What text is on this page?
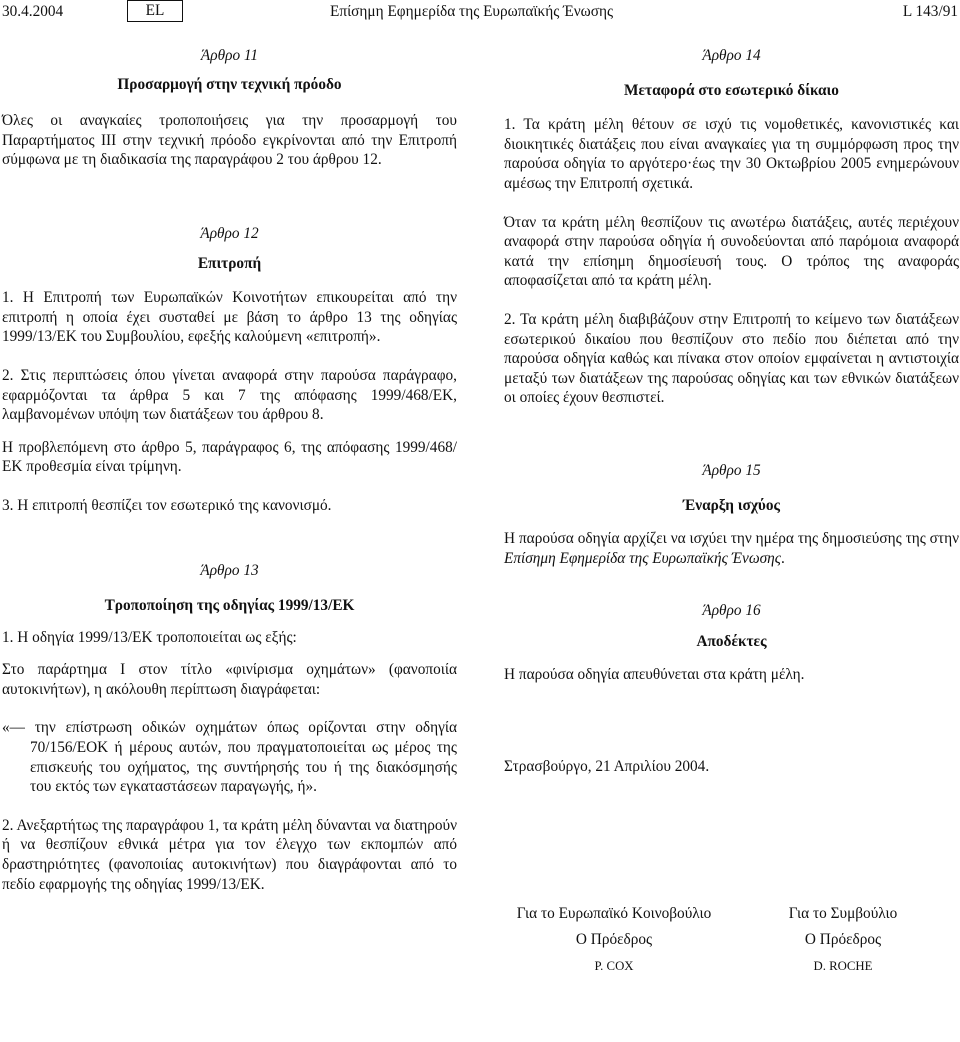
30.4.2004	EL	Επίσημη Εφημερίδα της Ευρωπαϊκής Ένωσης	L 143/91

Άρθρο 11

Προσαρμογή στην τεχνική πρόοδο

Όλες οι αναγκαίες τροποποιήσεις για την προσαρμογή του Παραρτήματος ΙΙΙ στην τεχνική πρόοδο εγκρίνονται από την Επιτροπή σύμφωνα με τη διαδικασία της παραγράφου 2 του άρθρου 12.

Άρθρο 12

Επιτροπή

1. Η Επιτροπή των Ευρωπαϊκών Κοινοτήτων επικουρείται από την επιτροπή η οποία έχει συσταθεί με βάση το άρθρο 13 της οδηγίας 1999/13/ΕΚ του Συμβουλίου, εφεξής καλούμενη «επιτροπή».

2. Στις περιπτώσεις όπου γίνεται αναφορά στην παρούσα παράγραφο, εφαρμόζονται τα άρθρα 5 και 7 της απόφασης 1999/468/ΕΚ, λαμβανομένων υπόψη των διατάξεων του άρθρου 8.

Η προβλεπόμενη στο άρθρο 5, παράγραφος 6, της απόφασης 1999/468/ΕΚ προθεσμία είναι τρίμηνη.

3. Η επιτροπή θεσπίζει τον εσωτερικό της κανονισμό.

Άρθρο 13

Τροποποίηση της οδηγίας 1999/13/ΕΚ

1. Η οδηγία 1999/13/ΕΚ τροποποιείται ως εξής:

Στο παράρτημα Ι στον τίτλο «φινίρισμα οχημάτων» (φανοποιία αυτοκινήτων), η ακόλουθη περίπτωση διαγράφεται:

«— την επίστρωση οδικών οχημάτων όπως ορίζονται στην οδηγία 70/156/ΕΟΚ ή μέρους αυτών, που πραγματοποιείται ως μέρος της επισκευής του οχήματος, της συντήρησής του ή της διακόσμησής του εκτός των εγκαταστάσεων παραγωγής, ή».

2. Ανεξαρτήτως της παραγράφου 1, τα κράτη μέλη δύνανται να διατηρούν ή να θεσπίζουν εθνικά μέτρα για τον έλεγχο των εκπομπών από δραστηριότητες (φανοποιίας αυτοκινήτων) που διαγράφονται από το πεδίο εφαρμογής της οδηγίας 1999/13/ΕΚ.

Άρθρο 14

Μεταφορά στο εσωτερικό δίκαιο

1. Τα κράτη μέλη θέτουν σε ισχύ τις νομοθετικές, κανονιστικές και διοικητικές διατάξεις που είναι αναγκαίες για τη συμμόρφωση προς την παρούσα οδηγία το αργότερο·έως την 30 Οκτωβρίου 2005 ενημερώνουν αμέσως την Επιτροπή σχετικά.

Όταν τα κράτη μέλη θεσπίζουν τις ανωτέρω διατάξεις, αυτές περιέχουν αναφορά στην παρούσα οδηγία ή συνοδεύονται από παρόμοια αναφορά κατά την επίσημη δημοσίευσή τους. Ο τρόπος της αναφοράς αποφασίζεται από τα κράτη μέλη.

2. Τα κράτη μέλη διαβιβάζουν στην Επιτροπή το κείμενο των διατάξεων εσωτερικού δικαίου που θεσπίζουν στο πεδίο που διέπεται από την παρούσα οδηγία καθώς και πίνακα στον οποίον εμφαίνεται η αντιστοιχία μεταξύ των διατάξεων της παρούσας οδηγίας και των εθνικών διατάξεων οι οποίες έχουν θεσπιστεί.

Άρθρο 15

Έναρξη ισχύος

Η παρούσα οδηγία αρχίζει να ισχύει την ημέρα της δημοσιεύσης της στην Επίσημη Εφημερίδα της Ευρωπαϊκής Ένωσης.

Άρθρο 16

Αποδέκτες

Η παρούσα οδηγία απευθύνεται στα κράτη μέλη.

Στρασβούργο, 21 Απριλίου 2004.

Για το Ευρωπαϊκό Κοινοβούλιο
Ο Πρόεδρος
P. COX
Για το Συμβούλιο
Ο Πρόεδρος
D. ROCHE
